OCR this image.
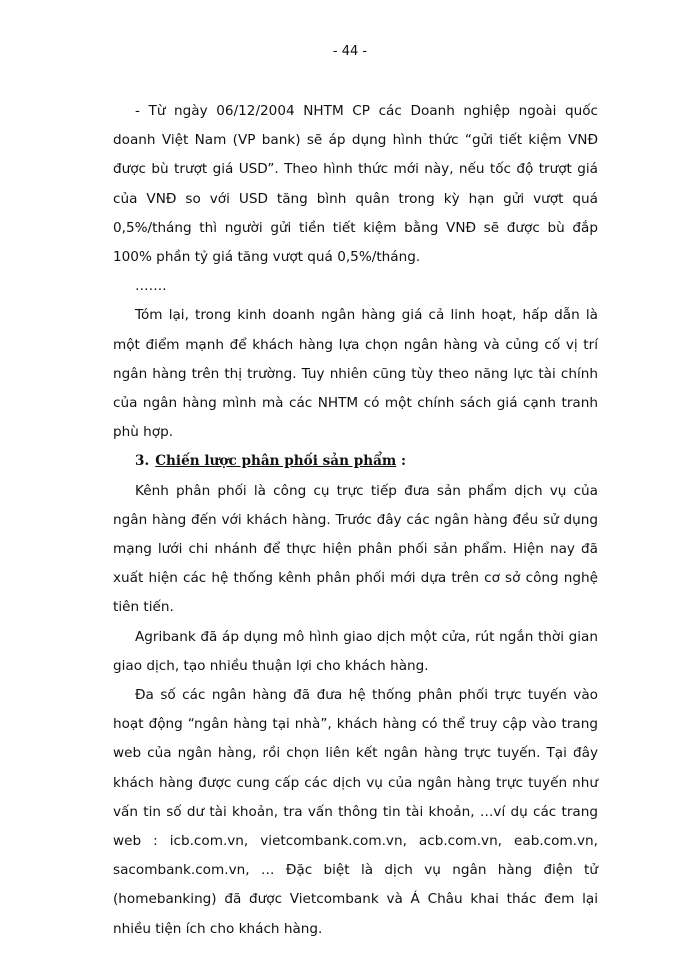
- 44 -

- Từ ngày 06/12/2004 NHTM CP các Doanh nghiệp ngoài quốc doanh Việt Nam (VP bank) sẽ áp dụng hình thức “gửi tiết kiệm VNĐ được bù trượt giá USD”. Theo hình thức mới này, nếu tốc độ trượt giá của VNĐ so với USD tăng bình quân trong kỳ hạn gửi vượt quá 0,5%/tháng thì người gửi tiền tiết kiệm bằng VNĐ sẽ được bù đắp 100% phần tỷ giá tăng vượt quá 0,5%/tháng.

…….

Tóm lại, trong kinh doanh ngân hàng giá cả linh hoạt, hấp dẫn là một điểm mạnh để khách hàng lựa chọn ngân hàng và củng cố vị trí ngân hàng trên thị trường. Tuy nhiên cũng tùy theo năng lực tài chính của ngân hàng mình mà các NHTM có một chính sách giá cạnh tranh phù hợp.

3. Chiến lược phân phối sản phẩm :

Kênh phân phối là công cụ trực tiếp đưa sản phẩm dịch vụ của ngân hàng đến với khách hàng. Trước đây các ngân hàng đều sử dụng mạng lưới chi nhánh để thực hiện phân phối sản phẩm. Hiện nay đã xuất hiện các hệ thống kênh phân phối mới dựa trên cơ sở công nghệ tiên tiến.

Agribank đã áp dụng mô hình giao dịch một cửa, rút ngắn thời gian giao dịch, tạo nhiều thuận lợi cho khách hàng.

Đa số các ngân hàng đã đưa hệ thống phân phối trực tuyến vào hoạt động “ngân hàng tại nhà”, khách hàng có thể truy cập vào trang web của ngân hàng, rồi chọn liên kết ngân hàng trực tuyến. Tại đây khách hàng được cung cấp các dịch vụ của ngân hàng trực tuyến như vấn tin số dư tài khoản, tra vấn thông tin tài khoản, …ví dụ các trang web : icb.com.vn, vietcombank.com.vn, acb.com.vn, eab.com.vn, sacombank.com.vn, … Đặc biệt là dịch vụ ngân hàng điện tử (homebanking) đã được Vietcombank và Á Châu khai thác đem lại nhiều tiện ích cho khách hàng.
